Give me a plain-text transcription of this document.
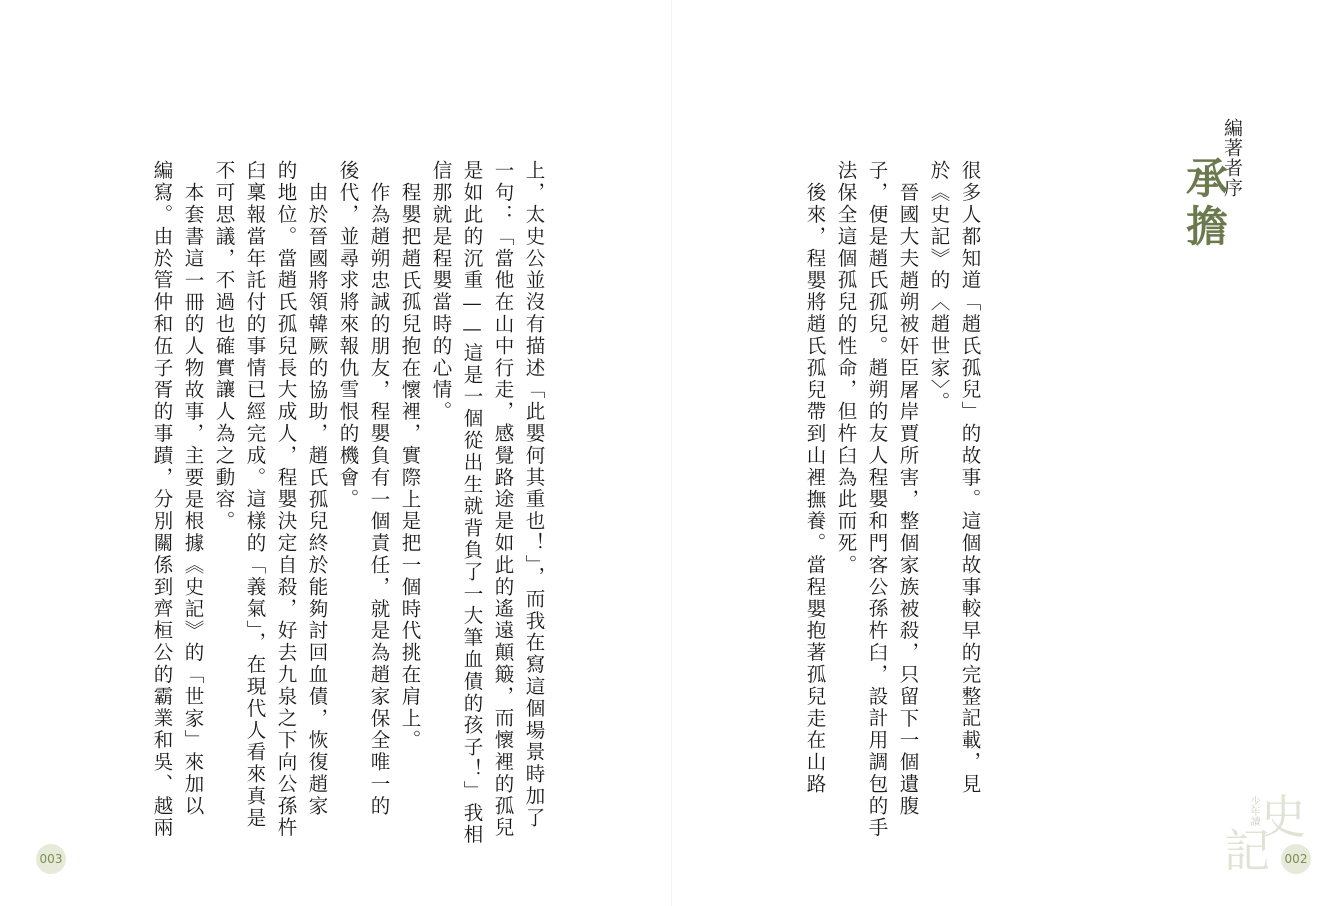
編著者序
承擔
很多人都知道「趙氏孤兒」的故事。這個故事較早的完整記載，見
於《史記》的〈趙世家〉。
晉國大夫趙朔被奸臣屠岸賈所害，整個家族被殺，只留下一個遺腹
子，便是趙氏孤兒。趙朔的友人程嬰和門客公孫杵臼，設計用調包的手
法保全這個孤兒的性命，但杵臼為此而死。
後來，程嬰將趙氏孤兒帶到山裡撫養。當程嬰抱著孤兒走在山路
上，太史公並沒有描述「此嬰何其重也！」，而我在寫這個場景時加了
一句：「當他在山中行走，感覺路途是如此的遙遠顛簸，而懷裡的孤兒
是如此的沉重——這是一個從出生就背負了一大筆血債的孩子！」我相
信那就是程嬰當時的心情。
程嬰把趙氏孤兒抱在懷裡，實際上是把一個時代挑在肩上。
作為趙朔忠誠的朋友，程嬰負有一個責任，就是為趙家保全唯一的
後代，並尋求將來報仇雪恨的機會。
由於晉國將領韓厥的協助，趙氏孤兒終於能夠討回血債，恢復趙家
的地位。當趙氏孤兒長大成人，程嬰決定自殺，好去九泉之下向公孫杵
臼稟報當年託付的事情已經完成。這樣的「義氣」，在現代人看來真是
不可思議，不過也確實讓人為之動容。
本套書這一冊的人物故事，主要是根據《史記》的「世家」來加以
編寫。由於管仲和伍子胥的事蹟，分別關係到齊桓公的霸業和吳、越兩
003	002
少年讀 史
記
